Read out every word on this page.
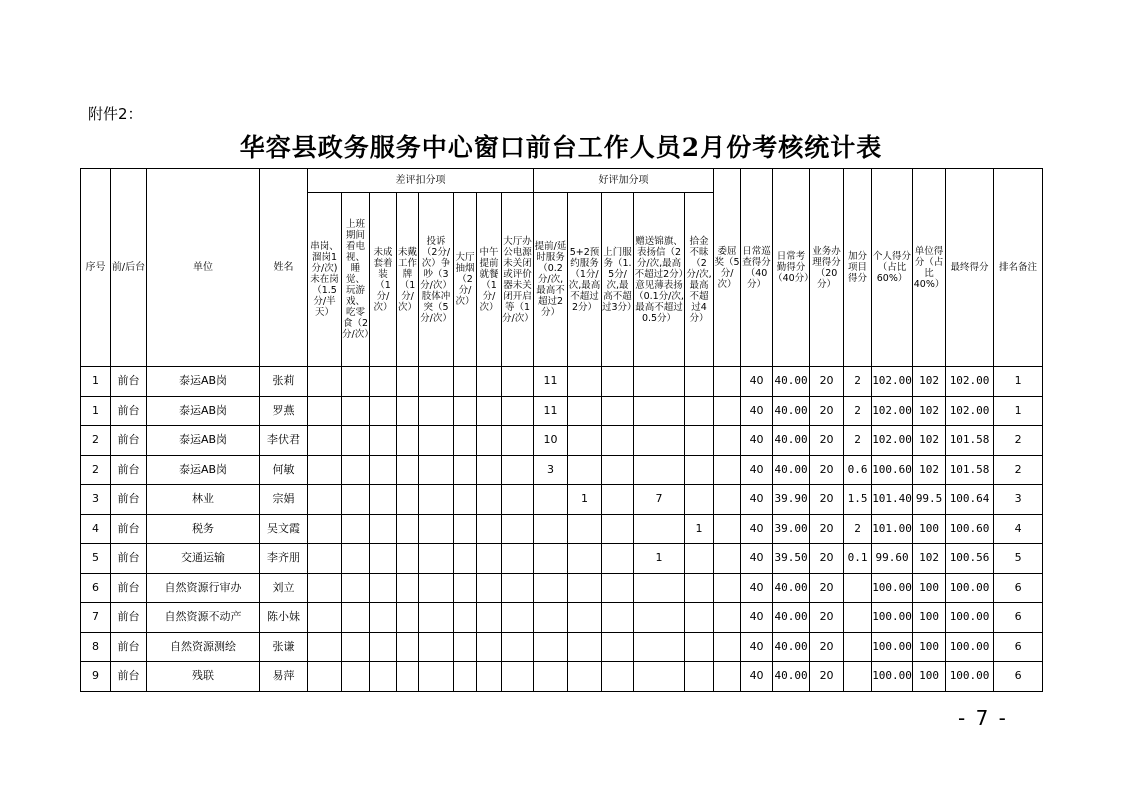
附件2：
华容县政务服务中心窗口前台工作人员2月份考核统计表
序号	前/后台	单位	姓名	差评扣分项								好评加分项					委屈奖（5分/次）	日常巡查得分（40分）	日常考勤得分（40分）	业务办理得分（20分）	加分项目得分	个人得分（占比60%）	单位得分（占比40%）	最终得分	排名备注
				串岗、溜岗1分/次)未在岗（1.5分/半天）	上班期间看电视、睡觉、玩游戏、吃零食（2分/次）	未成套着装 （1分/次）	未戴工作牌（1分/次）	投诉（2分/次）争吵（3分/次）肢体冲突（5分/次）	大厅抽烟（2分/次）	中午提前就餐（1分/次）	大厅办公电源未关闭或评价器未关闭开启等（1分/次）	提前/延时服务（0.2分/次,最高不超过2分）	5+2预约服务（1分/次,最高不超过2分）	上门服务（1.5分/次,最高不超过3分）	赠送锦旗、表扬信（2分/次,最高不超过2分）意见薄表扬（0.1分/次,最高不超过0.5分）	拾金不昧（2分/次,最高不超过4分）									
1	前台	泰运AB岗	张莉									11						40	40.00	20	2	102.00	102	102.00	1
1	前台	泰运AB岗	罗燕									11						40	40.00	20	2	102.00	102	102.00	1
2	前台	泰运AB岗	李伏君									10						40	40.00	20	2	102.00	102	101.58	2
2	前台	泰运AB岗	何敏									3						40	40.00	20	0.6	100.60	102	101.58	2
3	前台	林业	宗娟										1		7			40	39.90	20	1.5	101.40	99.5	100.64	3
4	前台	税务	吴文霞													1		40	39.00	20	2	101.00	100	100.60	4
5	前台	交通运输	李齐朋												1			40	39.50	20	0.1	99.60	102	100.56	5
6	前台	自然资源行审办	刘立															40	40.00	20		100.00	100	100.00	6
7	前台	自然资源不动产	陈小妹															40	40.00	20		100.00	100	100.00	6
8	前台	自然资源测绘	张谦															40	40.00	20		100.00	100	100.00	6
9	前台	残联	易萍															40	40.00	20		100.00	100	100.00	6
- 7 -
